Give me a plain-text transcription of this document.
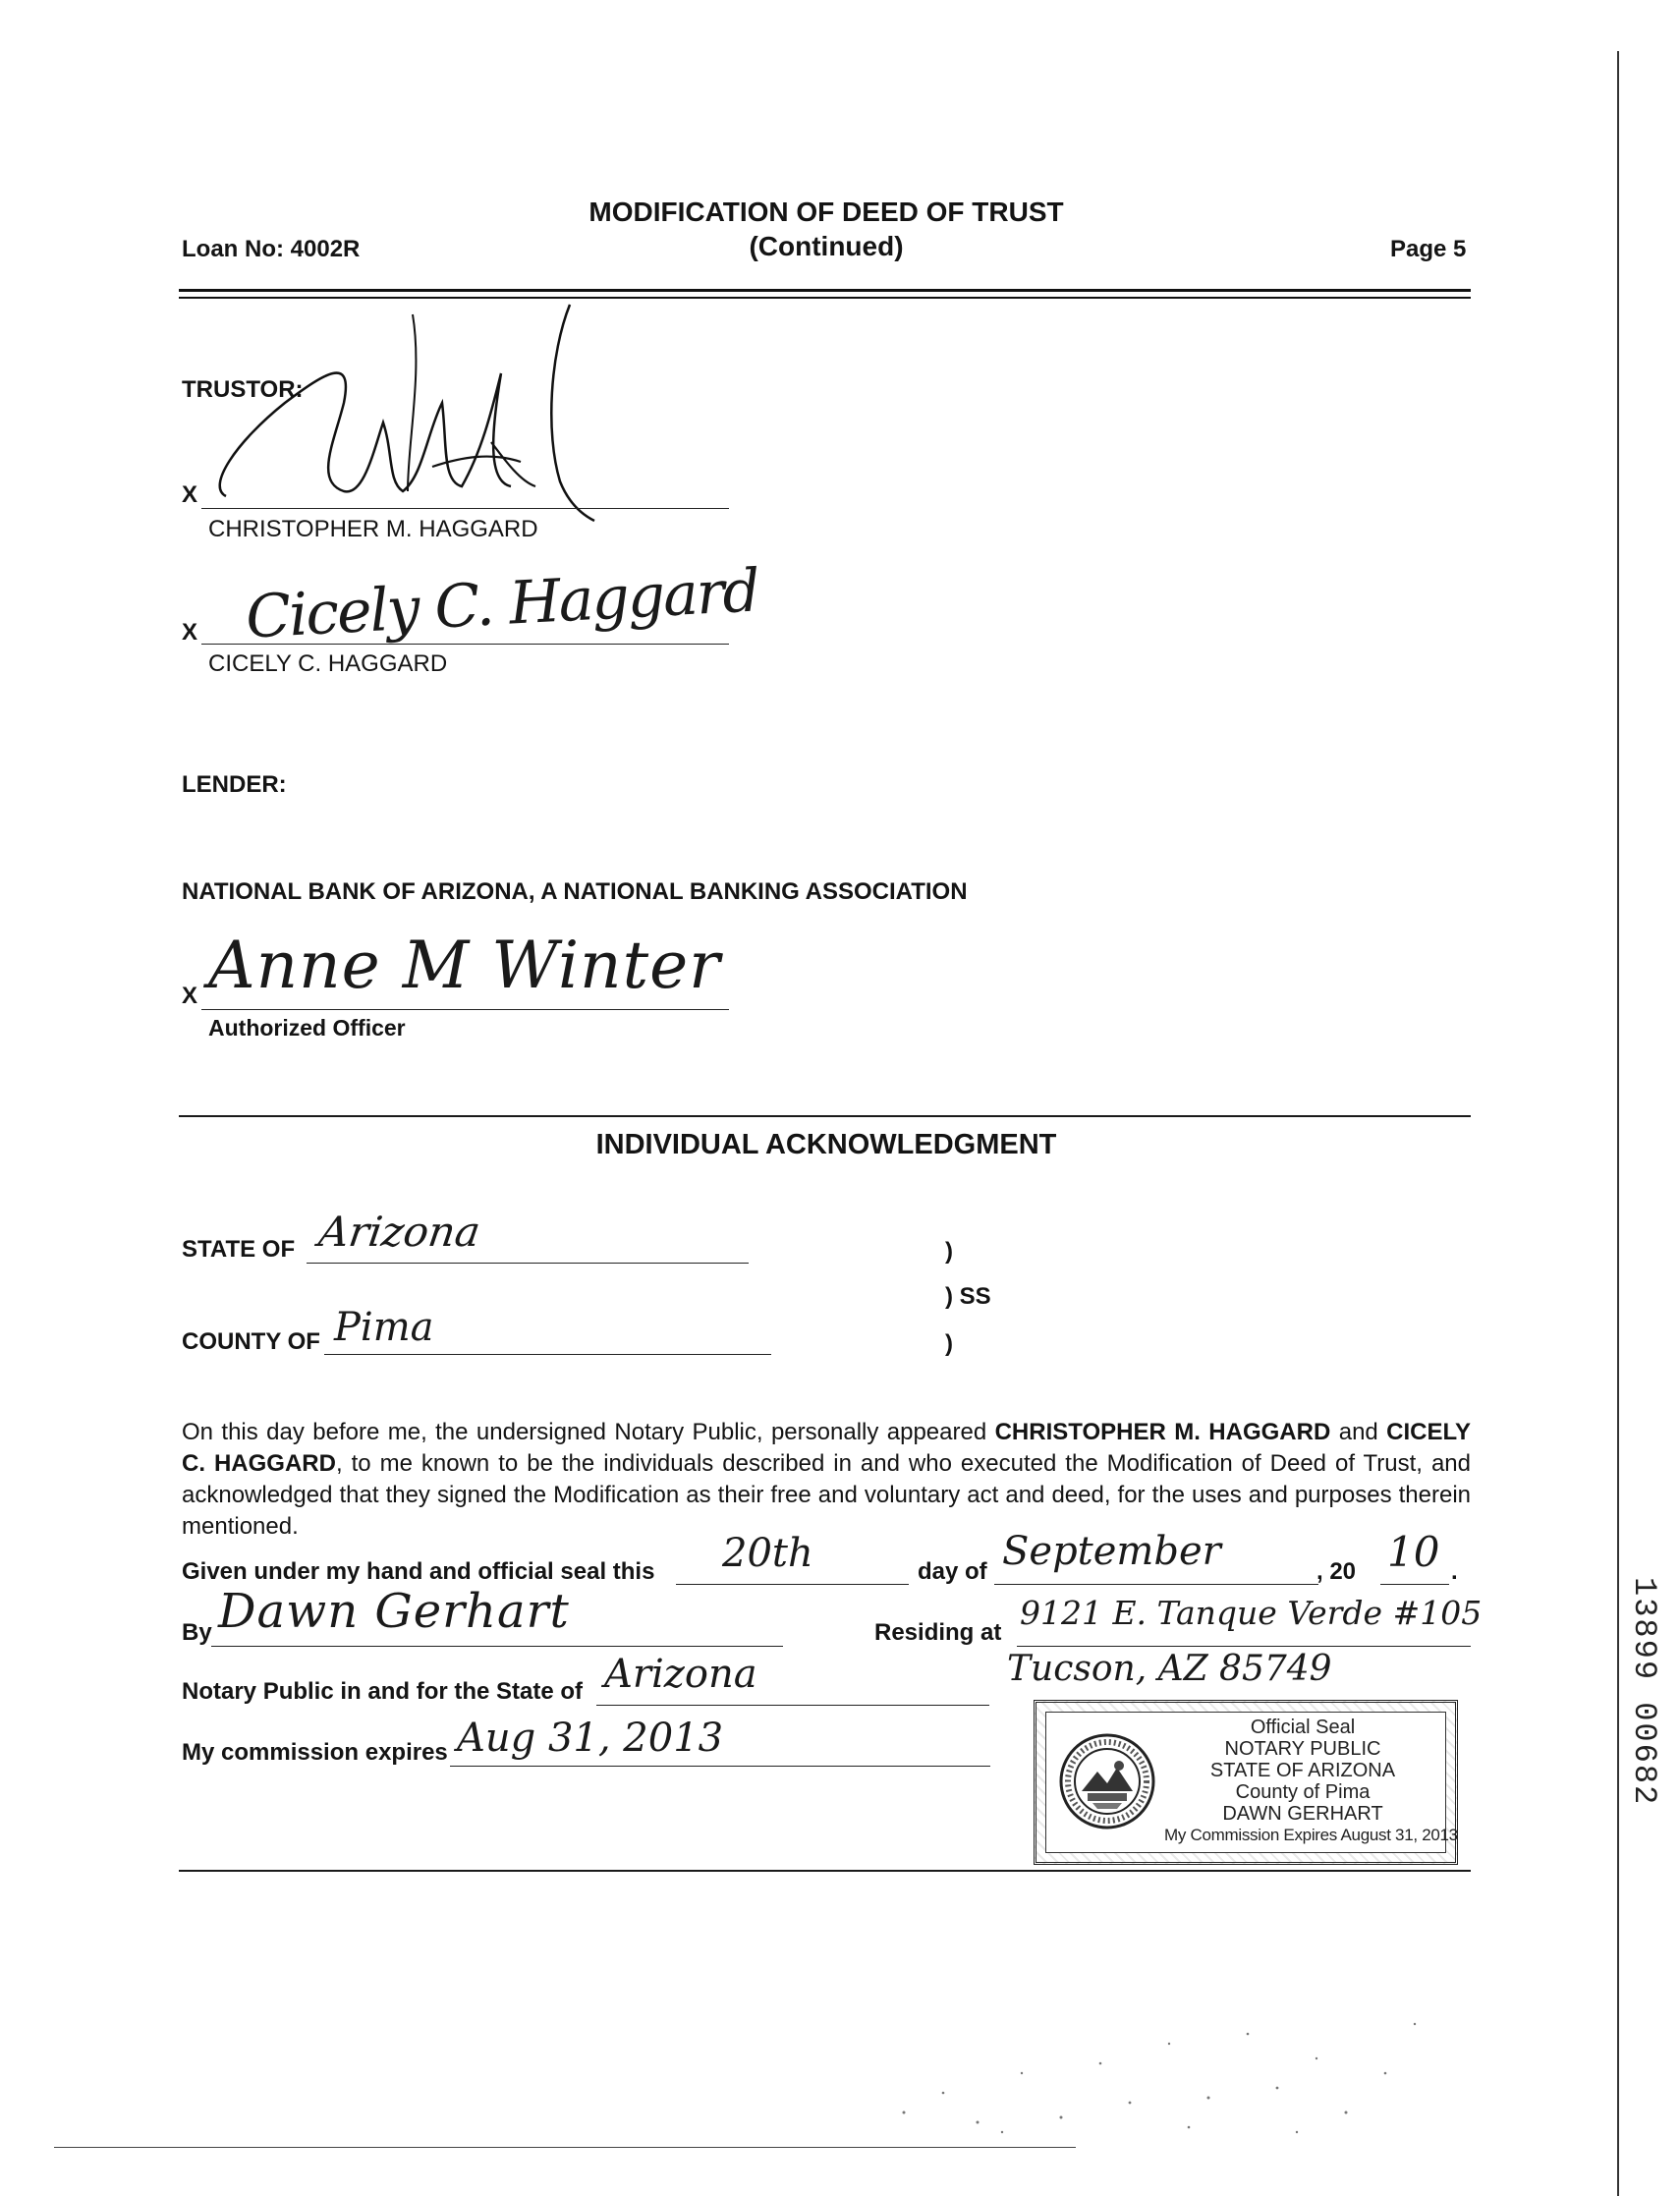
Loan No: 4002R
MODIFICATION OF DEED OF TRUST
(Continued)	Page 5
TRUSTOR:
X
CHRISTOPHER M. HAGGARD
X Cicely C. Haggard
CICELY C. HAGGARD
LENDER:
NATIONAL BANK OF ARIZONA, A NATIONAL BANKING ASSOCIATION
X Anne M Winter
Authorized Officer
INDIVIDUAL ACKNOWLEDGMENT
STATE OF Arizona
COUNTY OF Pima
)
) SS
)
On this day before me, the undersigned Notary Public, personally appeared CHRISTOPHER M. HAGGARD and CICELY C. HAGGARD, to me known to be the individuals described in and who executed the Modification of Deed of Trust, and acknowledged that they signed the Modification as their free and voluntary act and deed, for the uses and purposes therein mentioned.
Given under my hand and official seal this 20th	day of September	, 20 10 .
By Dawn Gerhart	Residing at
9121 E. Tanque Verde #105
Tucson, AZ 85749
Notary Public in and for the State of Arizona
My commission expires Aug 31, 2013	Official Seal
NOTARY PUBLIC
STATE OF ARIZONA
County of Pima
DAWN GERHART
My Commission Expires August 31, 2013
13899 00682
